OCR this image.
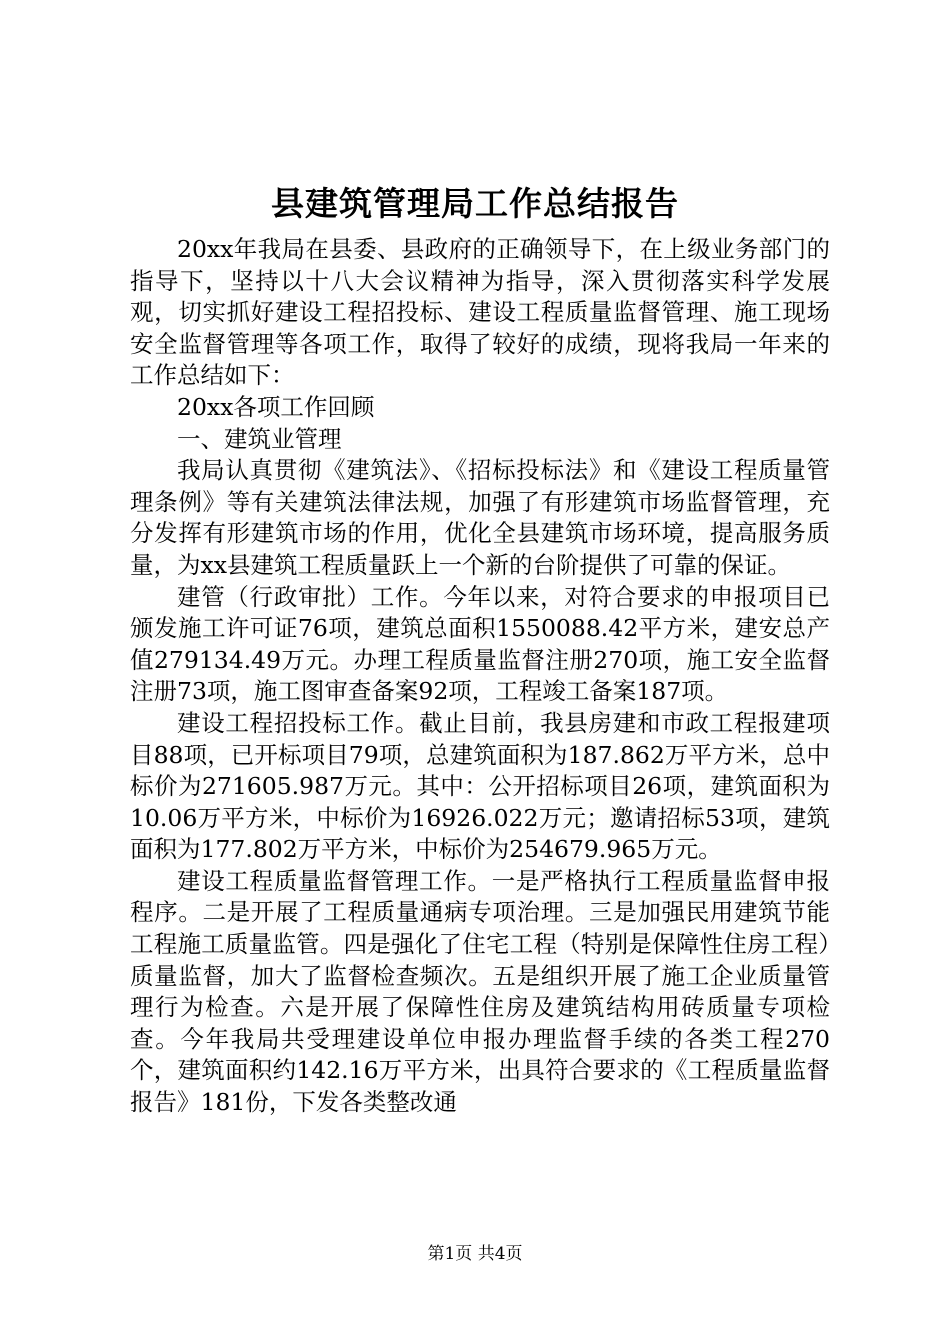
县建筑管理局工作总结报告

20xx年我局在县委、县政府的正确领导下，在上级业务部门的指导下，坚持以十八大会议精神为指导，深入贯彻落实科学发展观，切实抓好建设工程招投标、建设工程质量监督管理、施工现场安全监督管理等各项工作，取得了较好的成绩，现将我局一年来的工作总结如下：

20xx各项工作回顾

一、建筑业管理

我局认真贯彻《建筑法》、《招标投标法》和《建设工程质量管理条例》等有关建筑法律法规，加强了有形建筑市场监督管理，充分发挥有形建筑市场的作用，优化全县建筑市场环境，提高服务质量，为xx县建筑工程质量跃上一个新的台阶提供了可靠的保证。

建管（行政审批）工作。今年以来，对符合要求的申报项目已颁发施工许可证76项，建筑总面积1550088.42平方米，建安总产值279134.49万元。办理工程质量监督注册270项，施工安全监督注册73项，施工图审查备案92项，工程竣工备案187项。

建设工程招投标工作。截止目前，我县房建和市政工程报建项目88项，已开标项目79项，总建筑面积为187.862万平方米，总中标价为271605.987万元。其中：公开招标项目26项，建筑面积为10.06万平方米，中标价为16926.022万元；邀请招标53项，建筑面积为177.802万平方米，中标价为254679.965万元。

建设工程质量监督管理工作。一是严格执行工程质量监督申报程序。二是开展了工程质量通病专项治理。三是加强民用建筑节能工程施工质量监管。四是强化了住宅工程（特别是保障性住房工程）质量监督，加大了监督检查频次。五是组织开展了施工企业质量管理行为检查。六是开展了保障性住房及建筑结构用砖质量专项检查。今年我局共受理建设单位申报办理监督手续的各类工程270个，建筑面积约142.16万平方米，出具符合要求的《工程质量监督报告》181份，下发各类整改通

第1页 共4页
